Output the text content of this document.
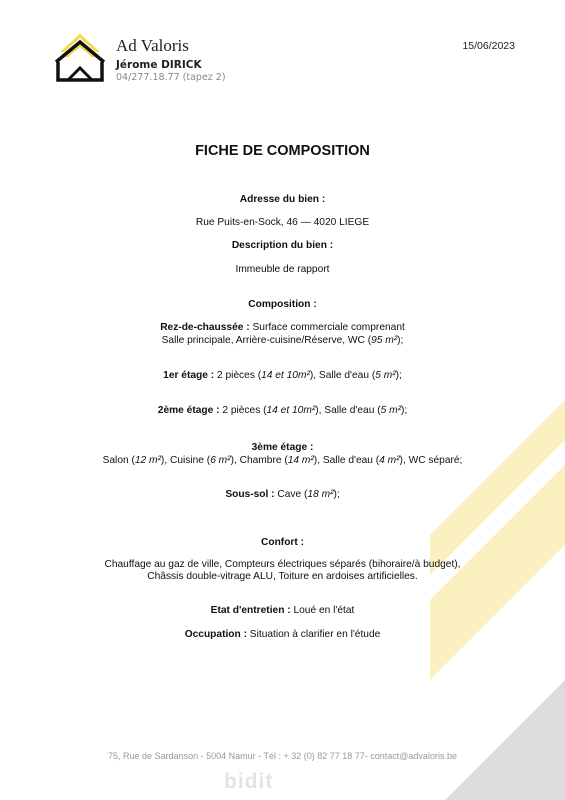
Ad Valoris
Jérome DIRICK
04/277.18.77 (tapez 2)
15/06/2023
FICHE DE COMPOSITION
Adresse du bien :
Rue Puits-en-Sock, 46 — 4020 LIEGE
Description du bien :
Immeuble de rapport
Composition :
Rez-de-chaussée : Surface commerciale comprenant
Salle principale, Arrière-cuisine/Réserve, WC (95 m²);
1er étage : 2 pièces (14 et 10m²), Salle d'eau (5 m²);
2ème étage : 2 pièces (14 et 10m²), Salle d'eau (5 m²);
3ème étage :
Salon (12 m²), Cuisine (6 m²), Chambre (14 m²), Salle d'eau (4 m²), WC séparé;
Sous-sol : Cave (18 m²);
Confort :
Chauffage au gaz de ville, Compteurs électriques séparés (bihoraire/à budget),
Châssis double-vitrage ALU, Toiture en ardoises artificielles.
Etat d'entretien : Loué en l'état
Occupation : Situation à clarifier en l'étude
75, Rue de Sardanson - 5004 Namur - Tél : + 32 (0) 82 77 18 77- contact@advaloris.be
bidit
